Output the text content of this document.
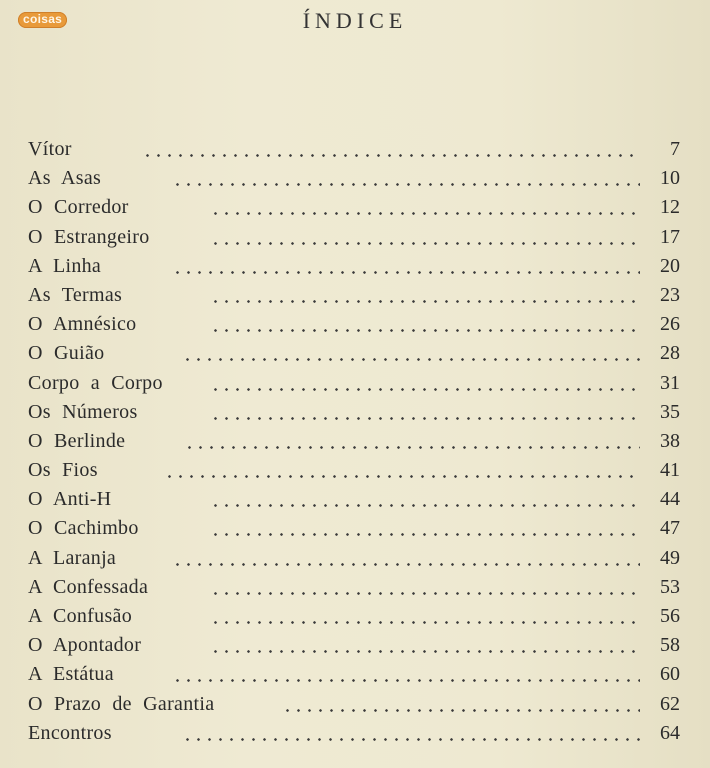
coisas	ÍNDICE
Vítor	7
As Asas	10
O Corredor	12
O Estrangeiro	17
A Linha	20
As Termas	23
O Amnésico	26
O Guião	28
Corpo a Corpo	31
Os Números	35
O Berlinde	38
Os Fios	41
O Anti-H	44
O Cachimbo	47
A Laranja	49
A Confessada	53
A Confusão	56
O Apontador	58
A Estátua	60
O Prazo de Garantia	62
Encontros	64
